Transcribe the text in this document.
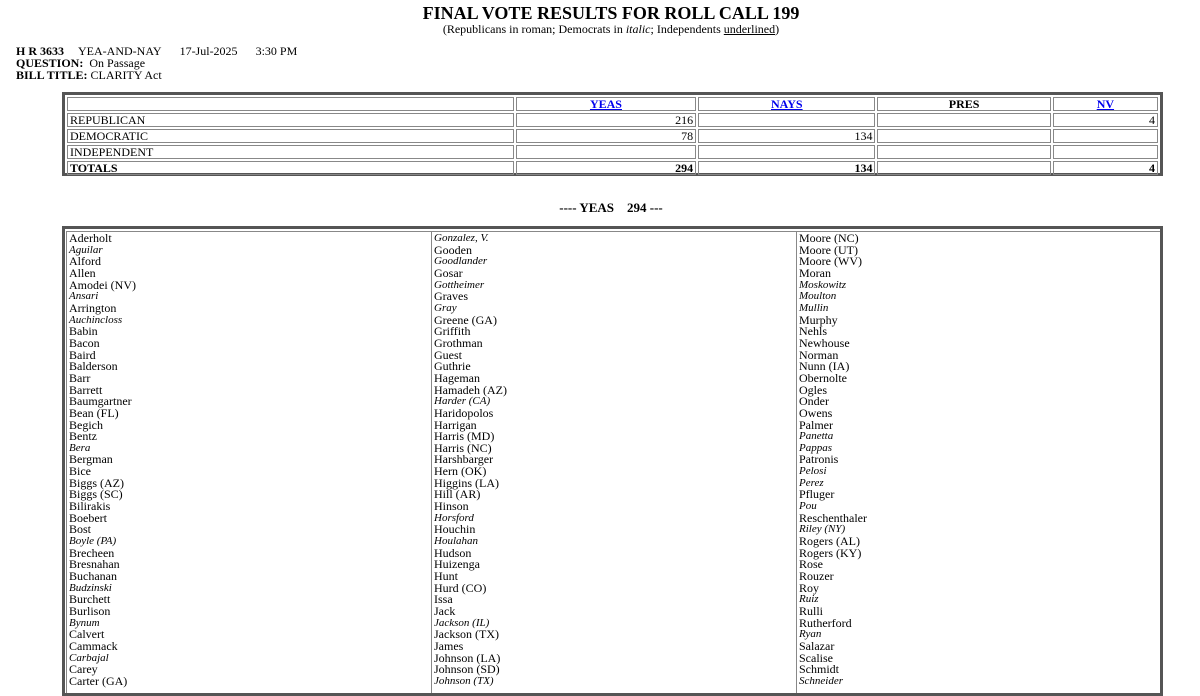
FINAL VOTE RESULTS FOR ROLL CALL 199
(Republicans in roman; Democrats in italic; Independents underlined)
H R 3633 YEA-AND-NAY 17-Jul-2025 3:30 PM
QUESTION: On Passage
BILL TITLE: CLARITY Act
	YEAS	NAYS	PRES	NV
REPUBLICAN	216			4
DEMOCRATIC	78	134		
INDEPENDENT				
TOTALS	294	134		4
---- YEAS    294 ---
Aderholt
Aguilar
Alford
Allen
Amodei (NV)
Ansari
Arrington
Auchincloss
Babin
Bacon
Baird
Balderson
Barr
Barrett
Baumgartner
Bean (FL)
Begich
Bentz
Bera
Bergman
Bice
Biggs (AZ)
Biggs (SC)
Bilirakis
Boebert
Bost
Boyle (PA)
Brecheen
Bresnahan
Buchanan
Budzinski
Burchett
Burlison
Bynum
Calvert
Cammack
Carbajal
Carey
Carter (GA)
Gonzalez, V.
Gooden
Goodlander
Gosar
Gottheimer
Graves
Gray
Greene (GA)
Griffith
Grothman
Guest
Guthrie
Hageman
Hamadeh (AZ)
Harder (CA)
Haridopolos
Harrigan
Harris (MD)
Harris (NC)
Harshbarger
Hern (OK)
Higgins (LA)
Hill (AR)
Hinson
Horsford
Houchin
Houlahan
Hudson
Huizenga
Hunt
Hurd (CO)
Issa
Jack
Jackson (IL)
Jackson (TX)
James
Johnson (LA)
Johnson (SD)
Johnson (TX)
Moore (NC)
Moore (UT)
Moore (WV)
Moran
Moskowitz
Moulton
Mullin
Murphy
Nehls
Newhouse
Norman
Nunn (IA)
Obernolte
Ogles
Onder
Owens
Palmer
Panetta
Pappas
Patronis
Pelosi
Perez
Pfluger
Pou
Reschenthaler
Riley (NY)
Rogers (AL)
Rogers (KY)
Rose
Rouzer
Roy
Ruiz
Rulli
Rutherford
Ryan
Salazar
Scalise
Schmidt
Schneider
